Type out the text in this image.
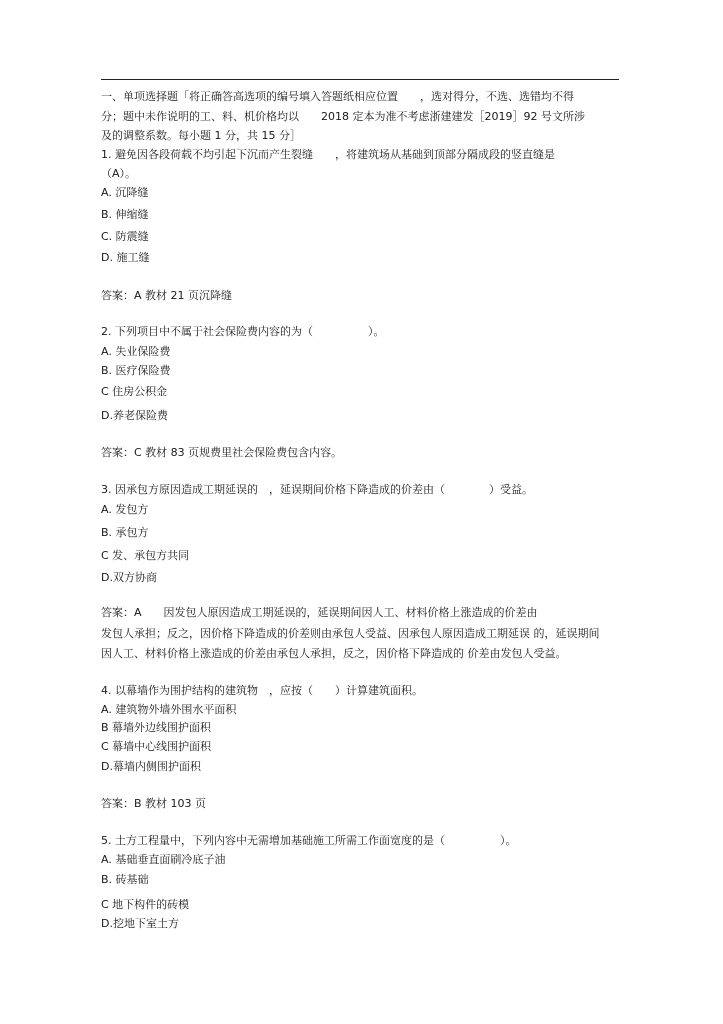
一、单项选择题「将正确答高选项的编号填入答题纸相应位置　　，选对得分，不选、选错均不得
分；题中未作说明的工、料、机价格均以　　2018 定本为准不考虑浙建建发［2019］92 号文所涉
及的调整系数。每小题 1 分，共 15 分］
1. 避免因各段荷载不均引起下沉而产生裂缝　　，将建筑场从基础到顶部分隔成段的竖直缝是
（A）。
A. 沉降缝
B. 伸缩缝
C. 防震缝
D. 施工缝
答案：A 教材 21 页沉降缝
2. 下列项目中不属于社会保险费内容的为（　　　　　）。
A. 失业保险费
B. 医疗保险费
C 住房公积金
D.养老保险费
答案：C 教材 83 页规费里社会保险费包含内容。
3. 因承包方原因造成工期延误的　，延误期间价格下降造成的价差由（　　　　）受益。
A. 发包方
B. 承包方
C 发、承包方共同
D.双方协商
答案：A　　因发包人原因造成工期延误的，延误期间因人工、材料价格上涨造成的价差由
发包人承担；反之，因价格下降造成的价差则由承包人受益、因承包人原因造成工期延误 的，延误期间
因人工、材料价格上涨造成的价差由承包人承担，反之，因价格下降造成的 价差由发包人受益。
4. 以幕墙作为围护结构的建筑物　，应按（　　）计算建筑面积。
A. 建筑物外墙外围水平面积
B 幕墙外边线围护面积
C 幕墙中心线围护面积
D.幕墙内侧围护面积
答案：B 教材 103 页
5. 土方工程量中，下列内容中无需增加基础施工所需工作面宽度的是（　　　　　）。
A. 基础垂直面刷冷底子油
B. 砖基础
C 地下构件的砖模
D.挖地下室土方
